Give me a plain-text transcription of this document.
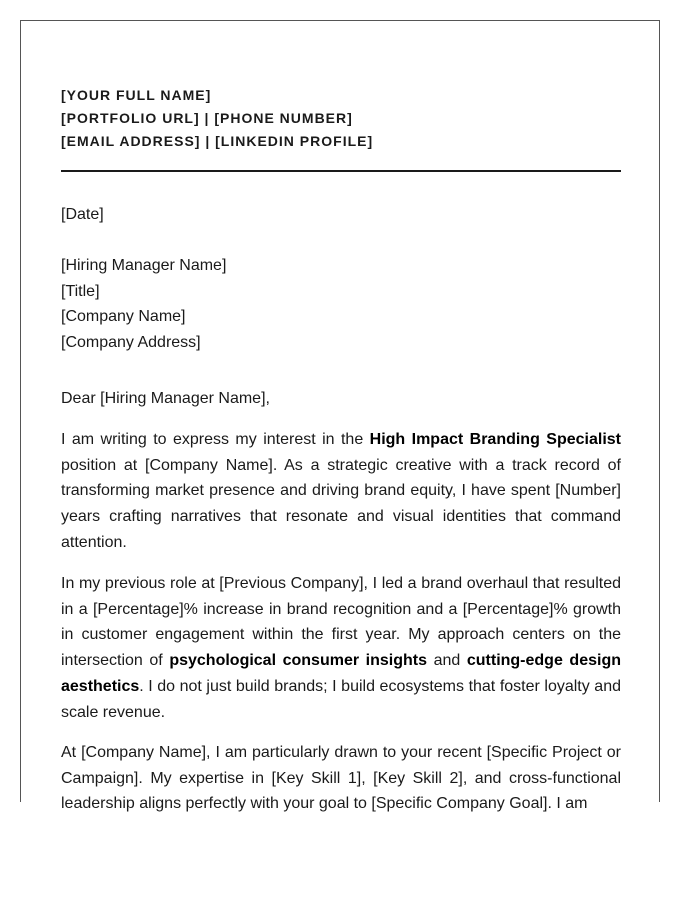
[YOUR FULL NAME]
[PORTFOLIO URL] | [PHONE NUMBER]
[EMAIL ADDRESS] | [LINKEDIN PROFILE]
[Date]
[Hiring Manager Name]
[Title]
[Company Name]
[Company Address]
Dear [Hiring Manager Name],

I am writing to express my interest in the High Impact Branding Specialist position at [Company Name]. As a strategic creative with a track record of transforming market presence and driving brand equity, I have spent [Number] years crafting narratives that resonate and visual identities that command attention.

In my previous role at [Previous Company], I led a brand overhaul that resulted in a [Percentage]% increase in brand recognition and a [Percentage]% growth in customer engagement within the first year. My approach centers on the intersection of psychological consumer insights and cutting-edge design aesthetics. I do not just build brands; I build ecosystems that foster loyalty and scale revenue.

At [Company Name], I am particularly drawn to your recent [Specific Project or Campaign]. My expertise in [Key Skill 1], [Key Skill 2], and cross-functional leadership aligns perfectly with your goal to [Specific Company Goal]. I am
